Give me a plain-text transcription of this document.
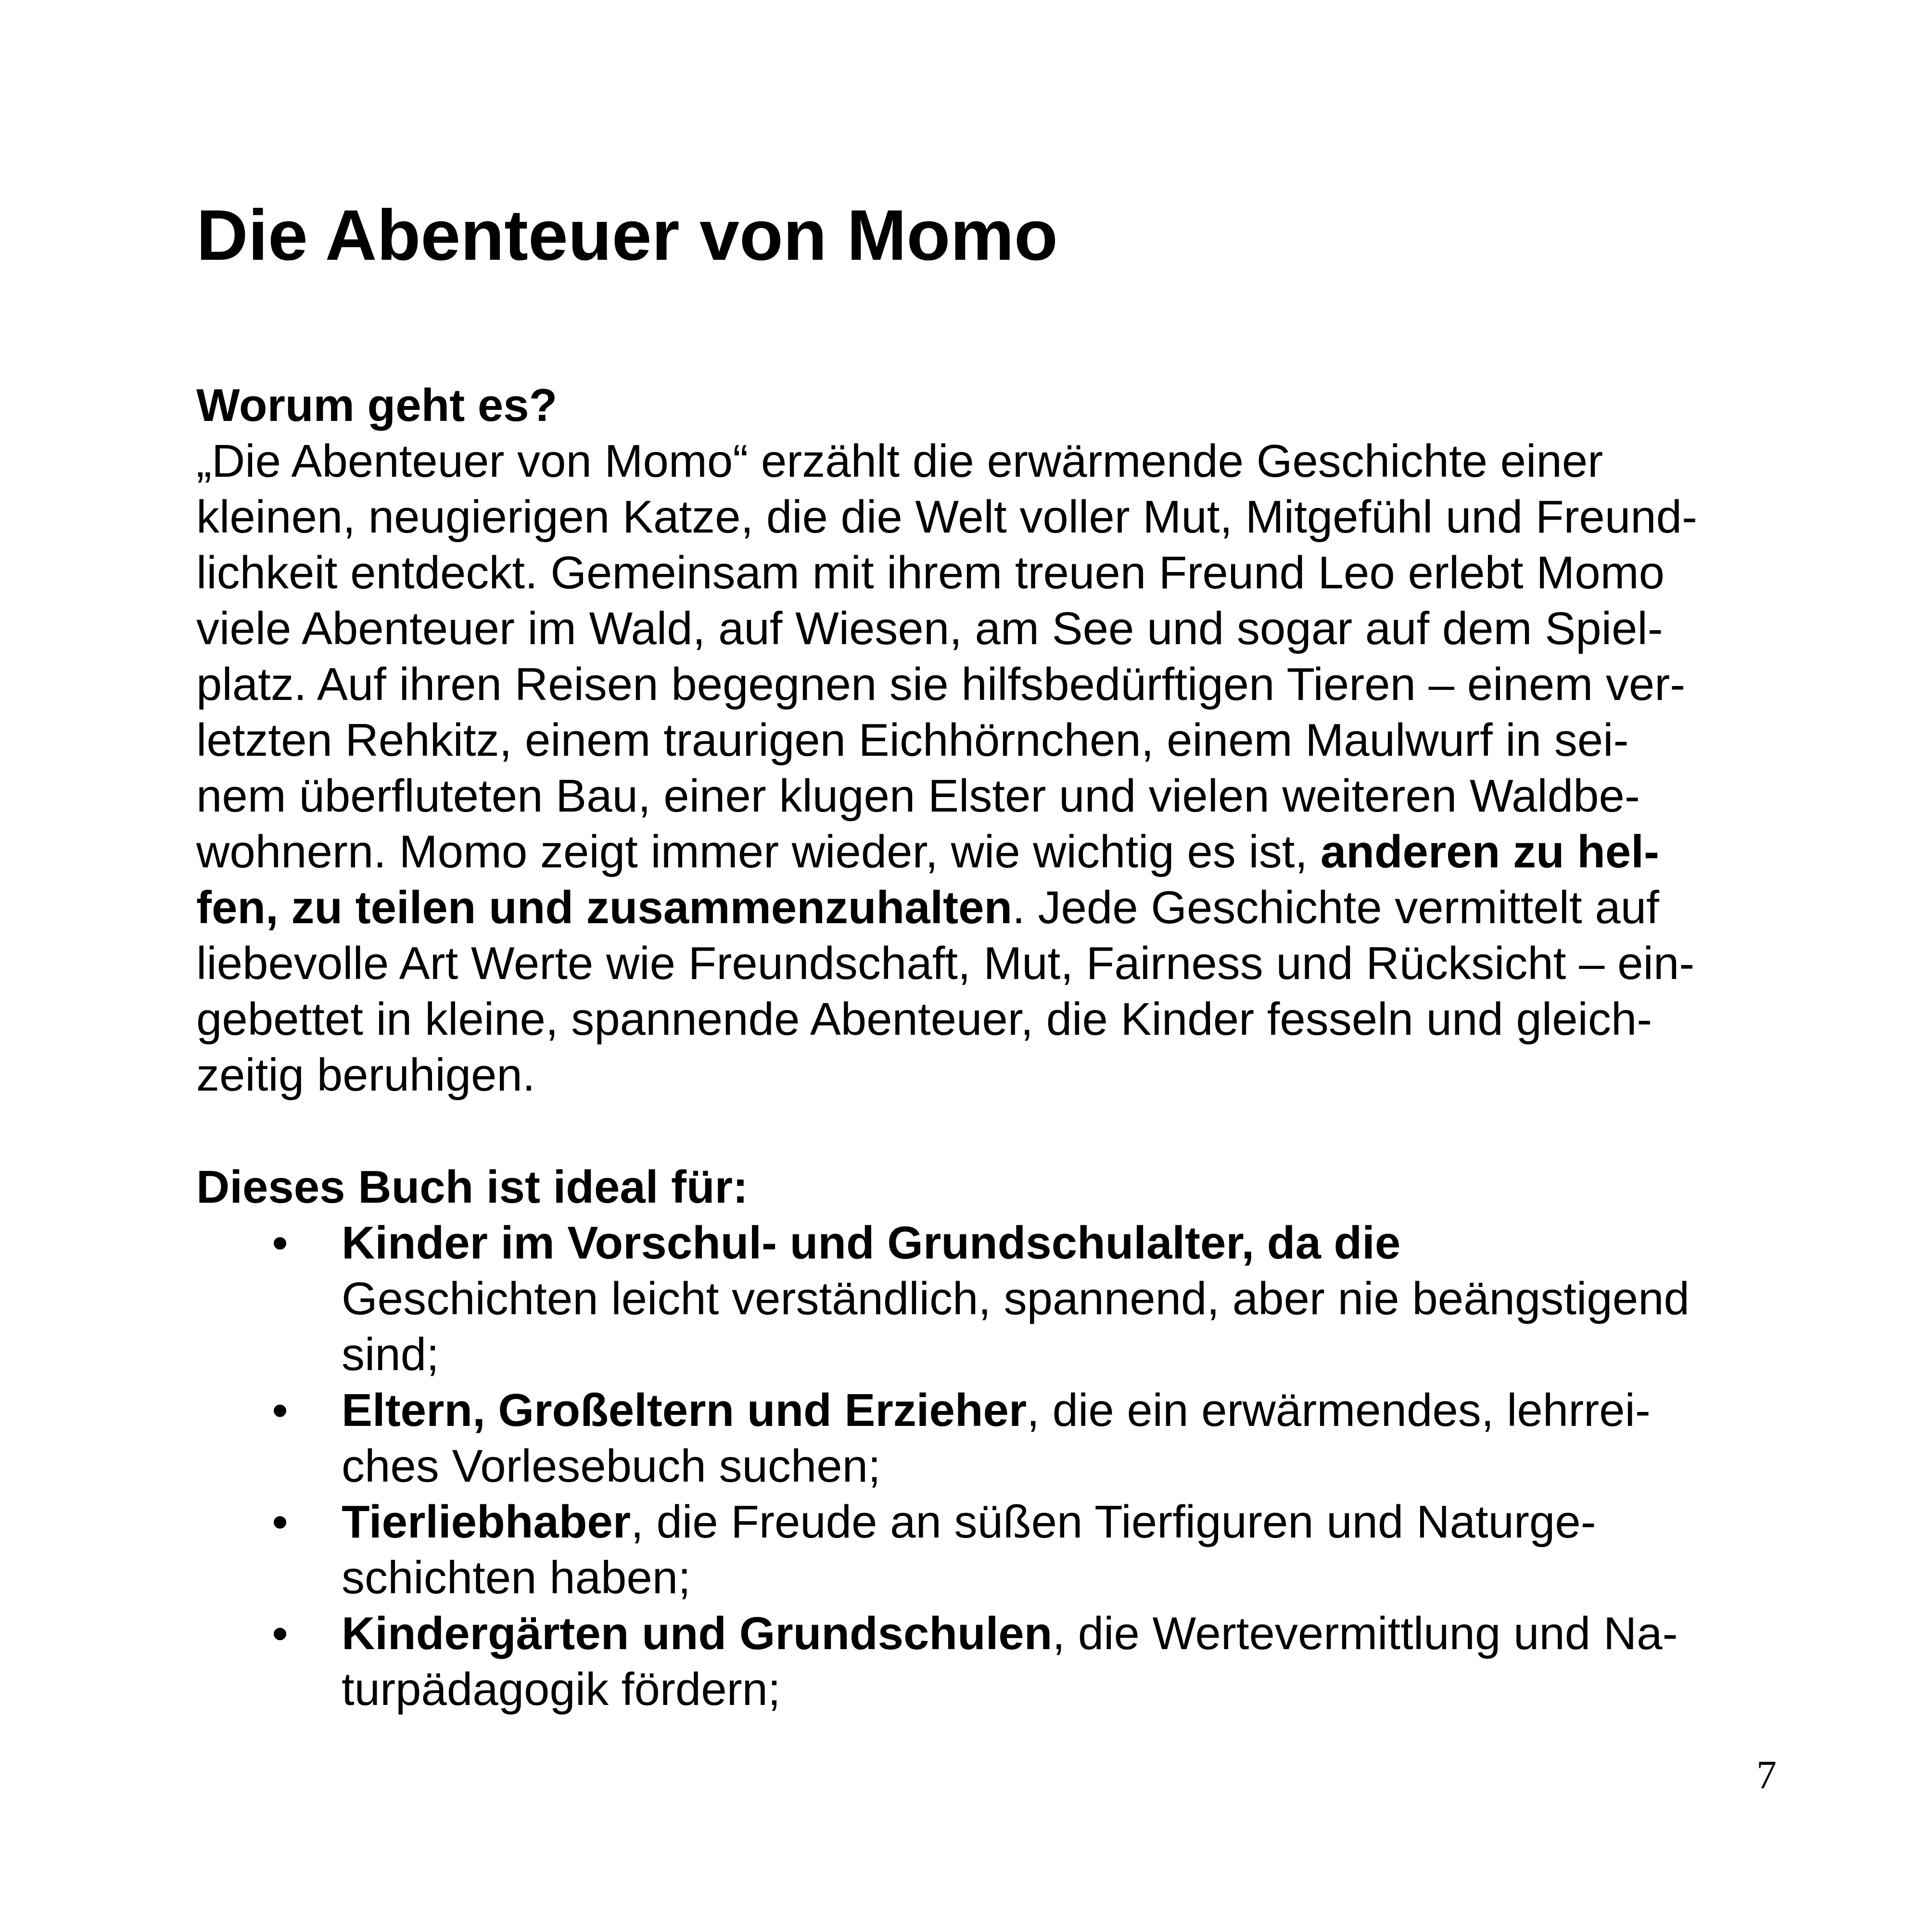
Die Abenteuer von Momo
Worum geht es?

„Die Abenteuer von Momo“ erzählt die erwärmende Geschichte einer
kleinen, neugierigen Katze, die die Welt voller Mut, Mitgefühl und Freund-
lichkeit entdeckt. Gemeinsam mit ihrem treuen Freund Leo erlebt Momo
viele Abenteuer im Wald, auf Wiesen, am See und sogar auf dem Spiel-
platz. Auf ihren Reisen begegnen sie hilfsbedürftigen Tieren – einem ver-
letzten Rehkitz, einem traurigen Eichhörnchen, einem Maulwurf in sei-
nem überfluteten Bau, einer klugen Elster und vielen weiteren Waldbe-
wohnern. Momo zeigt immer wieder, wie wichtig es ist, anderen zu hel-
fen, zu teilen und zusammenzuhalten. Jede Geschichte vermittelt auf
liebevolle Art Werte wie Freundschaft, Mut, Fairness und Rücksicht – ein-
gebettet in kleine, spannende Abenteuer, die Kinder fesseln und gleich-
zeitig beruhigen.

Dieses Buch ist ideal für:
• Kinder im Vorschul- und Grundschulalter, da die
Geschichten leicht verständlich, spannend, aber nie beängstigend
sind;
• Eltern, Großeltern und Erzieher, die ein erwärmendes, lehrrei-
ches Vorlesebuch suchen;
• Tierliebhaber, die Freude an süßen Tierfiguren und Naturge-
schichten haben;
• Kindergärten und Grundschulen, die Wertevermittlung und Na-
turpädagogik fördern;
7
